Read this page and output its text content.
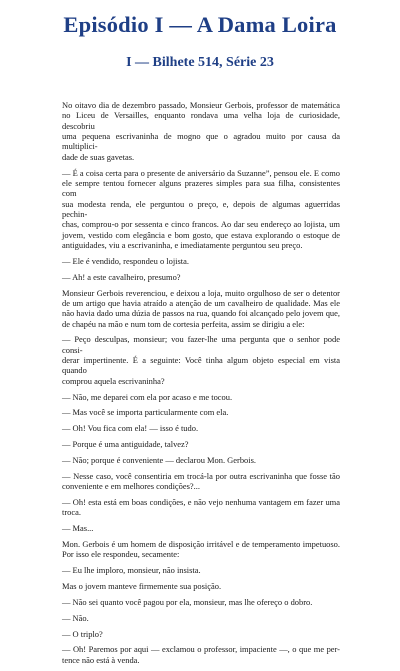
Episódio I — A Dama Loira
I — Bilhete 514, Série 23

No oitavo dia de dezembro passado, Monsieur Gerbois, professor de matemática
no Liceu de Versailles, enquanto rondava uma velha loja de curiosidade, descobriu
uma pequena escrivaninha de mogno que o agradou muito por causa da multiplici-
dade de suas gavetas.

— É a coisa certa para o presente de aniversário da Suzanne”, pensou ele. E como
ele sempre tentou fornecer alguns prazeres simples para sua filha, consistentes com
sua modesta renda, ele perguntou o preço, e, depois de algumas aguerridas pechin-
chas, comprou-o por sessenta e cinco francos. Ao dar seu endereço ao lojista, um
jovem, vestido com elegância e bom gosto, que estava explorando o estoque de
antiguidades, viu a escrivaninha, e imediatamente perguntou seu preço.

— Ele é vendido, respondeu o lojista.

— Ah! a este cavalheiro, presumo?

Monsieur Gerbois reverenciou, e deixou a loja, muito orgulhoso de ser o detentor
de um artigo que havia atraído a atenção de um cavalheiro de qualidade. Mas ele
não havia dado uma dúzia de passos na rua, quando foi alcançado pelo jovem que,
de chapéu na mão e num tom de cortesia perfeita, assim se dirigiu a ele:

— Peço desculpas, monsieur; vou fazer-lhe uma pergunta que o senhor pode consi-
derar impertinente. É a seguinte: Você tinha algum objeto especial em vista quando
comprou aquela escrivaninha?

— Não, me deparei com ela por acaso e me tocou.

— Mas você se importa particularmente com ela.

— Oh! Vou fica com ela! — isso é tudo.

— Porque é uma antiguidade, talvez?

— Não; porque é conveniente — declarou Mon. Gerbois.

— Nesse caso, você consentiria em trocá-la por outra escrivaninha que fosse tão
conveniente e em melhores condições?...

— Oh! esta está em boas condições, e não vejo nenhuma vantagem em fazer uma
troca.

— Mas...

Mon. Gerbois é um homem de disposição irritável e de temperamento impetuoso.
Por isso ele respondeu, secamente:

— Eu lhe imploro, monsieur, não insista.

Mas o jovem manteve firmemente sua posição.

— Não sei quanto você pagou por ela, monsieur, mas lhe ofereço o dobro.

— Não.

— O triplo?

— Oh! Paremos por aqui — exclamou o professor, impaciente —, o que me per-
tence não está à venda.
